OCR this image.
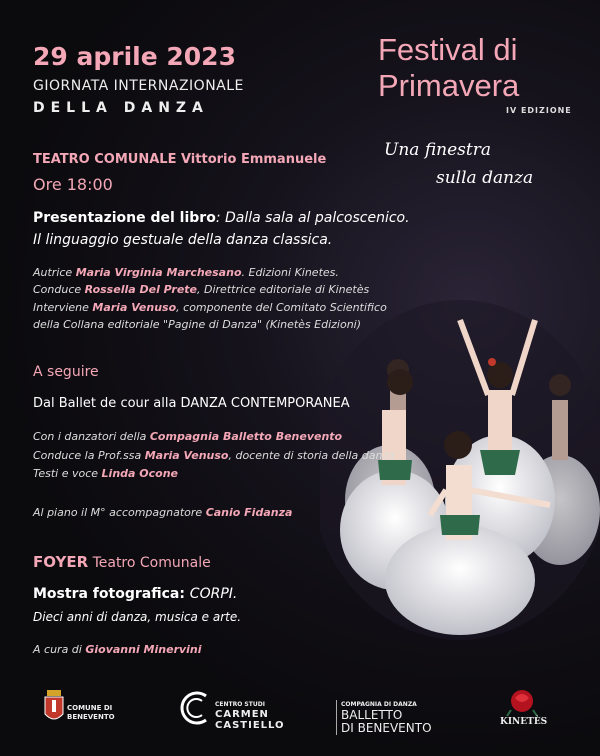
29 aprile 2023
GIORNATA INTERNAZIONALE
DELLA DANZA
Festival di
Primavera
IV EDIZIONE
Una finestra
sulla danza
TEATRO COMUNALE Vittorio Emmanuele
Ore 18:00
Presentazione del libro: Dalla sala al palcoscenico.
Il linguaggio gestuale della danza classica.
Autrice Maria Virginia Marchesano. Edizioni Kinetes.
Conduce Rossella Del Prete, Direttrice editoriale di Kinetès
Interviene Maria Venuso, componente del Comitato Scientifico
della Collana editoriale "Pagine di Danza" (Kinetès Edizioni)
A seguire
Dal Ballet de cour alla DANZA CONTEMPORANEA
Con i danzatori della Compagnia Balletto Benevento
Conduce la Prof.ssa Maria Venuso, docente di storia della danza
Testi e voce Linda Ocone
Al piano il M° accompagnatore Canio Fidanza
FOYER Teatro Comunale
Mostra fotografica: CORPI.
Dieci anni di danza, musica e arte.
A cura di Giovanni Minervini
COMUNE DI
BENEVENTO
CENTRO STUDI
CARMEN
CASTIELLO
COMPAGNIA DI DANZA
BALLETTO
DI BENEVENTO	KINETÈS
